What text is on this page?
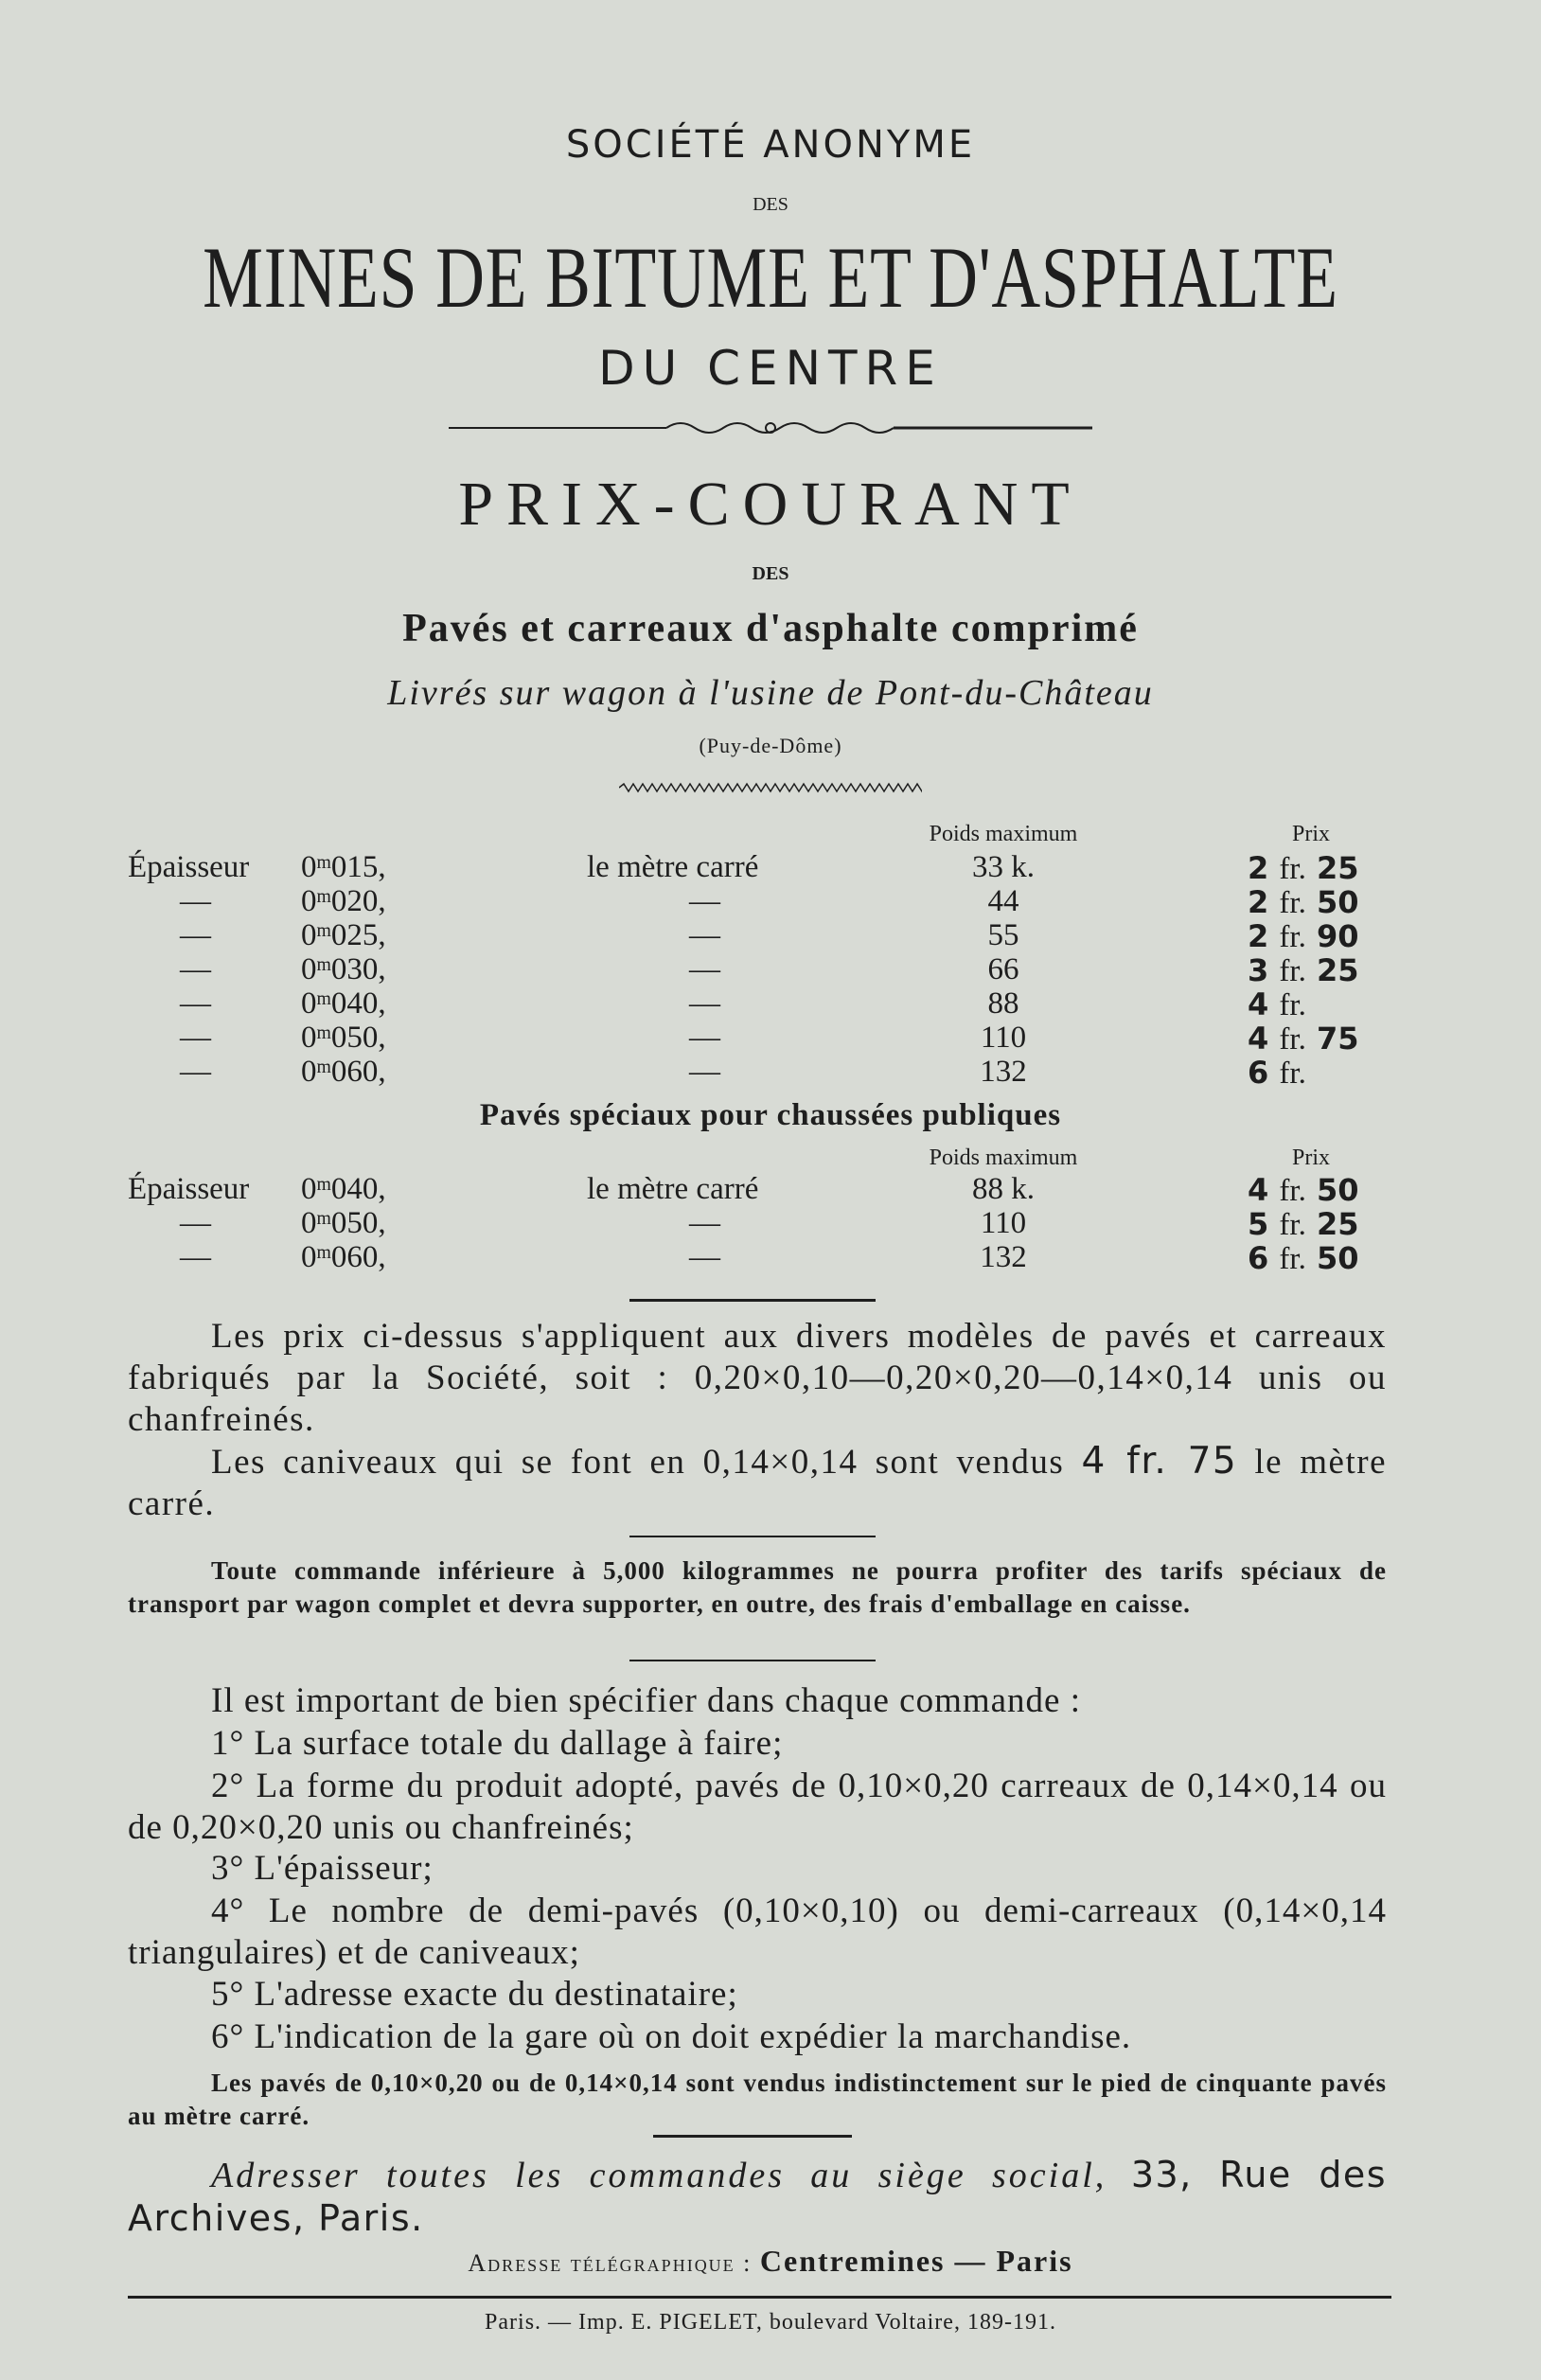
SOCIÉTÉ ANONYME
DES
MINES DE BITUME ET D'ASPHALTE
DU CENTRE
PRIX-COURANT
DES
Pavés et carreaux d'asphalte comprimé
Livrés sur wagon à l'usine de Pont-du-Château
(Puy-de-Dôme)
Poids maximum	Prix
Épaisseur 0$^m$015,	le mètre carré	33 k.	2 fr. 25
—	0$^m$020,	—	44	2 fr. 50
—	0$^m$025,	—	55	2 fr. 90
—	0$^m$030,	—	66	3 fr. 25
—	0$^m$040,	—	88	4 fr.
—	0$^m$050,	—	110	4 fr. 75
—	0$^m$060,	—	132	6 fr.
Pavés spéciaux pour chaussées publiques
Poids maximum	Prix
Épaisseur 0$^m$040,	le mètre carré	88 k.	4 fr. 50
—	0$^m$050,	—	110	5 fr. 25
—	0$^m$060,	—	132	6 fr. 50
Les prix ci-dessus s'appliquent aux divers modèles de pavés et carreaux fabriqués par la Société, soit : 0,20×0,10—0,20×0,20—0,14×0,14 unis ou chanfreinés.
Les caniveaux qui se font en 0,14×0,14 sont vendus 4 fr. 75 le mètre carré.
Toute commande inférieure à 5,000 kilogrammes ne pourra profiter des tarifs spéciaux de transport par wagon complet et devra supporter, en outre, des frais d'emballage en caisse.
Il est important de bien spécifier dans chaque commande :
1° La surface totale du dallage à faire;
2° La forme du produit adopté, pavés de 0,10×0,20 carreaux de 0,14×0,14 ou de 0,20×0,20 unis ou chanfreinés;
3° L'épaisseur;
4° Le nombre de demi-pavés (0,10×0,10) ou demi-carreaux (0,14×0,14 triangulaires) et de caniveaux;
5° L'adresse exacte du destinataire;
6° L'indication de la gare où on doit expédier la marchandise.
Les pavés de 0,10×0,20 ou de 0,14×0,14 sont vendus indistinctement sur le pied de cinquante pavés au mètre carré.
Adresser toutes les commandes au siège social, 33, Rue des Archives, Paris.
Adresse télégraphique : Centremines — Paris
Paris. — Imp. E. PIGELET, boulevard Voltaire, 189-191.
